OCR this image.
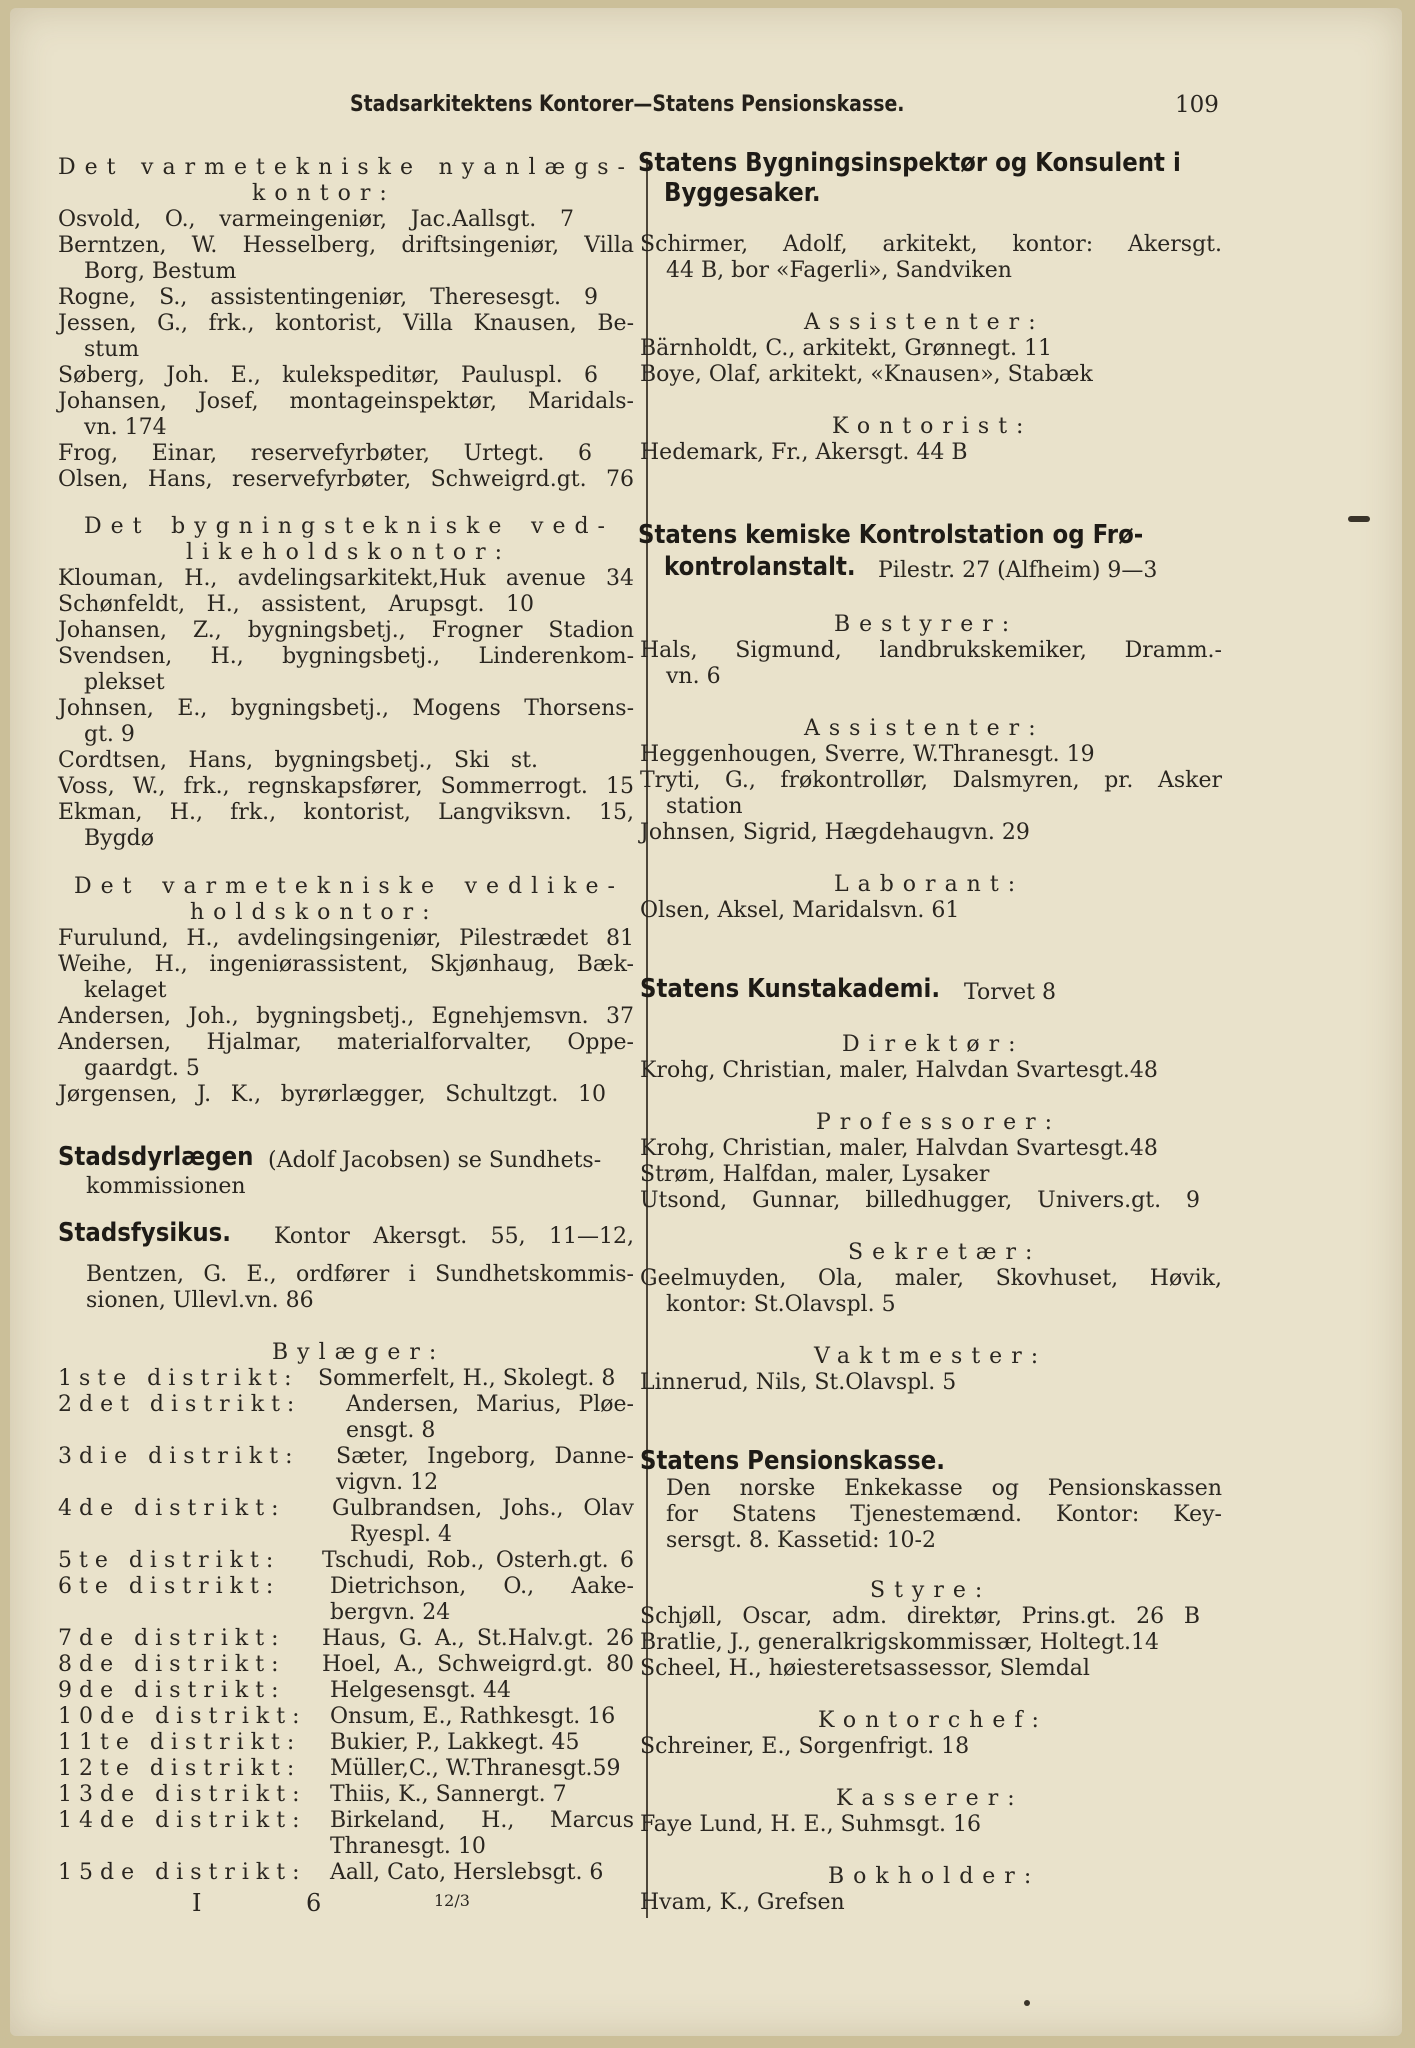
Stadsarkitektens Kontorer—Statens Pensionskasse.	109
Det varmetekniske nyanlægs-
kontor:
Osvold, O., varmeingeniør, Jac.Aallsgt. 7
Berntzen, W. Hesselberg, driftsingeniør, Villa
Borg, Bestum
Rogne, S., assistentingeniør, Theresesgt. 9
Jessen, G., frk., kontorist, Villa Knausen, Be-
stum
Søberg, Joh. E., kulekspeditør, Pauluspl. 6
Johansen, Josef, montageinspektør, Maridals-
vn. 174
Frog, Einar, reservefyrbøter, Urtegt. 6
Olsen, Hans, reservefyrbøter, Schweigrd.gt. 76
Det bygningstekniske ved-
likeholdskontor:
Klouman, H., avdelingsarkitekt,Huk avenue 34
Schønfeldt, H., assistent, Arupsgt. 10
Johansen, Z., bygningsbetj., Frogner Stadion
Svendsen, H., bygningsbetj., Linderenkom-
plekset
Johnsen, E., bygningsbetj., Mogens Thorsens-
gt. 9
Cordtsen, Hans, bygningsbetj., Ski st.
Voss, W., frk., regnskapsfører, Sommerrogt. 15
Ekman, H., frk., kontorist, Langviksvn. 15,
Bygdø
Det varmetekniske vedlike-
holdskontor:
Furulund, H., avdelingsingeniør, Pilestrædet 81
Weihe, H., ingeniørassistent, Skjønhaug, Bæk-
kelaget
Andersen, Joh., bygningsbetj., Egnehjemsvn. 37
Andersen, Hjalmar, materialforvalter, Oppe-
gaardgt. 5
Jørgensen, J. K., byrørlægger, Schultzgt. 10
Stadsdyrlægen (Adolf Jacobsen) se Sundhets-
kommissionen
Stadsfysikus. Kontor Akersgt. 55, 11—12,
Bentzen, G. E., ordfører i Sundhetskommis-
sionen, Ullevl.vn. 86
Bylæger:
1ste distrikt: Sommerfelt, H., Skolegt. 8
2det distrikt: Andersen, Marius, Pløe-
ensgt. 8
3die distrikt: Sæter, Ingeborg, Danne-
vigvn. 12
4de distrikt: Gulbrandsen, Johs., Olav
Ryespl. 4
5te distrikt: Tschudi, Rob., Osterh.gt. 6
6te distrikt: Dietrichson, O., Aake-
bergvn. 24
7de distrikt: Haus, G. A., St.Halv.gt. 26
8de distrikt: Hoel, A., Schweigrd.gt. 80
9de distrikt: Helgesensgt. 44
10de distrikt: Onsum, E., Rathkesgt. 16
11te distrikt: Bukier, P., Lakkegt. 45
12te distrikt: Müller,C., W.Thranesgt.59
13de distrikt: Thiis, K., Sannergt. 7
14de distrikt: Birkeland, H., Marcus
Thranesgt. 10
15de distrikt: Aall, Cato, Herslebsgt. 6
I	6	12/3
Statens Bygningsinspektør og Konsulent i
Byggesaker.
Schirmer, Adolf, arkitekt, kontor: Akersgt.
44 B, bor «Fagerli», Sandviken
Assistenter:
Bärnholdt, C., arkitekt, Grønnegt. 11
Boye, Olaf, arkitekt, «Knausen», Stabæk
Kontorist:
Hedemark, Fr., Akersgt. 44 B
Statens kemiske Kontrolstation og Frø-
kontrolanstalt. Pilestr. 27 (Alfheim) 9—3
Bestyrer:
Hals, Sigmund, landbrukskemiker, Dramm.-
vn. 6
Assistenter:
Heggenhougen, Sverre, W.Thranesgt. 19
Tryti, G., frøkontrollør, Dalsmyren, pr. Asker
station
Johnsen, Sigrid, Hægdehaugvn. 29
Laborant:
Olsen, Aksel, Maridalsvn. 61
Statens Kunstakademi. Torvet 8
Direktør:
Krohg, Christian, maler, Halvdan Svartesgt.48
Professorer:
Krohg, Christian, maler, Halvdan Svartesgt.48
Strøm, Halfdan, maler, Lysaker
Utsond, Gunnar, billedhugger, Univers.gt. 9
Sekretær:
Geelmuyden, Ola, maler, Skovhuset, Høvik,
kontor: St.Olavspl. 5
Vaktmester:
Linnerud, Nils, St.Olavspl. 5
Statens Pensionskasse.
Den norske Enkekasse og Pensionskassen
for Statens Tjenestemænd. Kontor: Key-
sersgt. 8. Kassetid: 10-2
Styre:
Schjøll, Oscar, adm. direktør, Prins.gt. 26 B
Bratlie, J., generalkrigskommissær, Holtegt.14
Scheel, H., høiesteretsassessor, Slemdal
Kontorchef:
Schreiner, E., Sorgenfrigt. 18
Kasserer:
Faye Lund, H. E., Suhmsgt. 16
Bokholder:
Hvam, K., Grefsen
